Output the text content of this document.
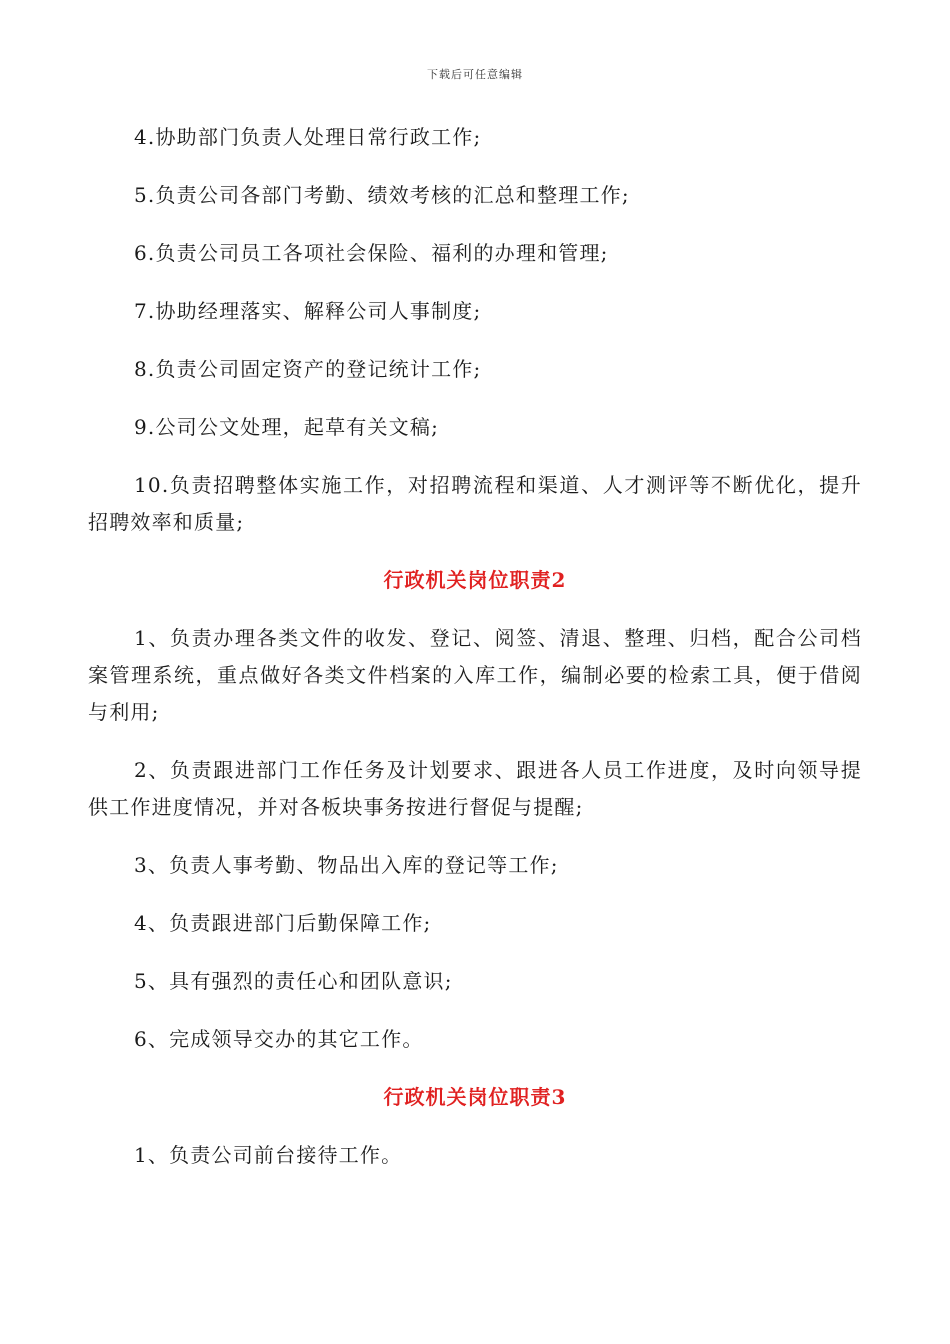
下载后可任意编辑

4.协助部门负责人处理日常行政工作;

5.负责公司各部门考勤、绩效考核的汇总和整理工作;

6.负责公司员工各项社会保险、福利的办理和管理;

7.协助经理落实、解释公司人事制度;

8.负责公司固定资产的登记统计工作;

9.公司公文处理，起草有关文稿;

10.负责招聘整体实施工作，对招聘流程和渠道、人才测评等不断优化，提升招聘效率和质量;

行政机关岗位职责2

1、负责办理各类文件的收发、登记、阅签、清退、整理、归档，配合公司档案管理系统，重点做好各类文件档案的入库工作，编制必要的检索工具，便于借阅与利用;

2、负责跟进部门工作任务及计划要求、跟进各人员工作进度，及时向领导提供工作进度情况，并对各板块事务按进行督促与提醒;

3、负责人事考勤、物品出入库的登记等工作;

4、负责跟进部门后勤保障工作;

5、具有强烈的责任心和团队意识;

6、完成领导交办的其它工作。

行政机关岗位职责3

1、负责公司前台接待工作。
